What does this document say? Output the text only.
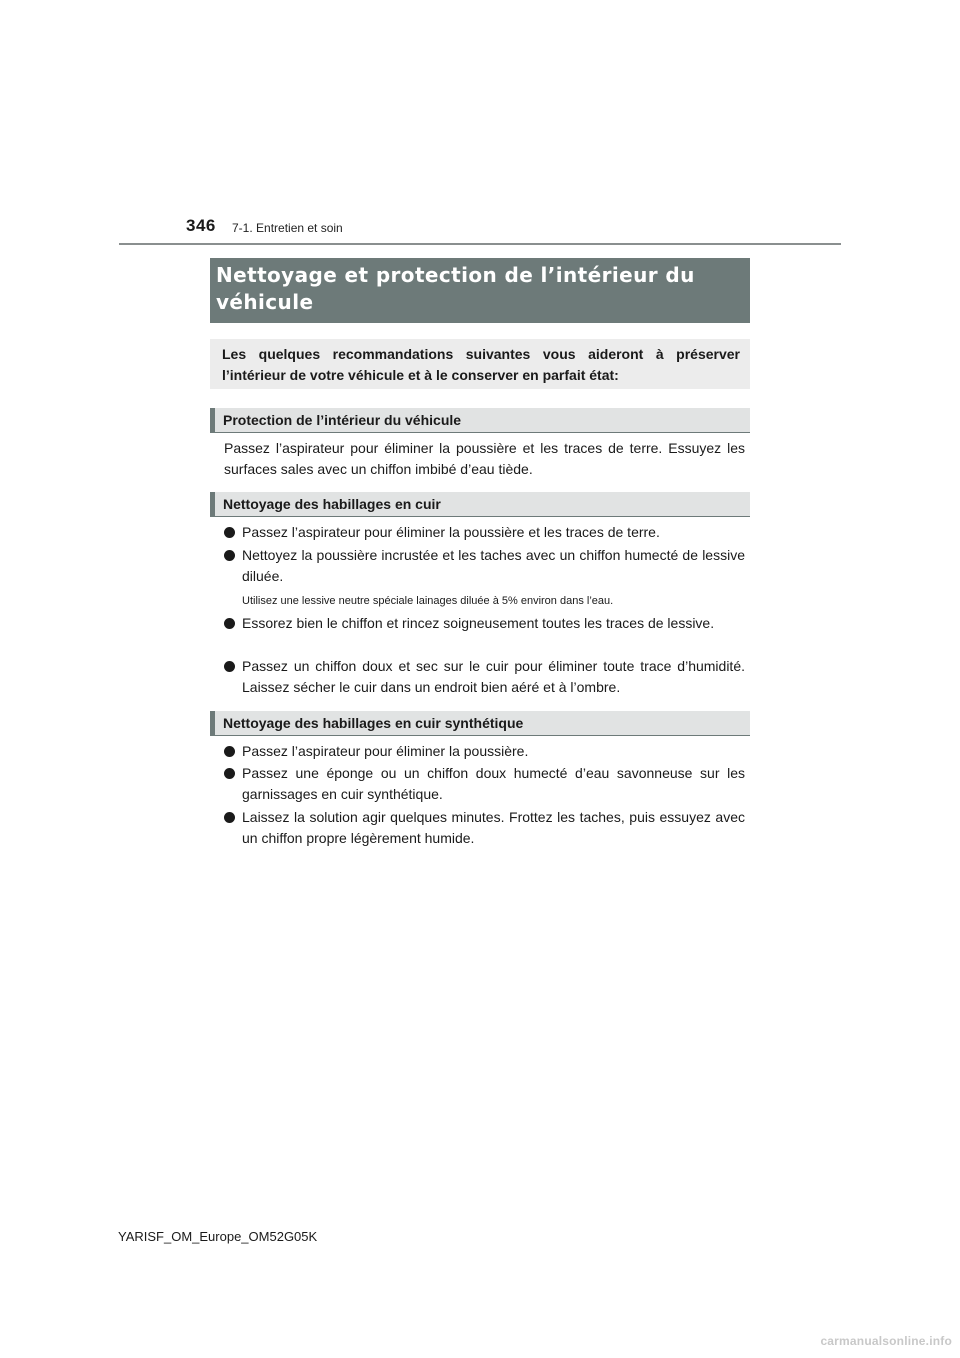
346 7-1. Entretien et soin
Nettoyage et protection de l’intérieur du véhicule
Les quelques recommandations suivantes vous aideront à préserver l’intérieur de votre véhicule et à le conserver en parfait état:
Protection de l’intérieur du véhicule

Passez l’aspirateur pour éliminer la poussière et les traces de terre. Essuyez les surfaces sales avec un chiffon imbibé d’eau tiède.

Nettoyage des habillages en cuir
Passez l’aspirateur pour éliminer la poussière et les traces de terre.
Nettoyez la poussière incrustée et les taches avec un chiffon humecté de lessive diluée.

Utilisez une lessive neutre spéciale lainages diluée à 5% environ dans l’eau.

Essorez bien le chiffon et rincez soigneusement toutes les traces de lessive.
Passez un chiffon doux et sec sur le cuir pour éliminer toute trace d’humidité. Laissez sécher le cuir dans un endroit bien aéré et à l’ombre.
Nettoyage des habillages en cuir synthétique
Passez l’aspirateur pour éliminer la poussière.
Passez une éponge ou un chiffon doux humecté d’eau savonneuse sur les garnissages en cuir synthétique.
Laissez la solution agir quelques minutes. Frottez les taches, puis essuyez avec un chiffon propre légèrement humide.
YARISF_OM_Europe_OM52G05K
carmanualsonline.info
